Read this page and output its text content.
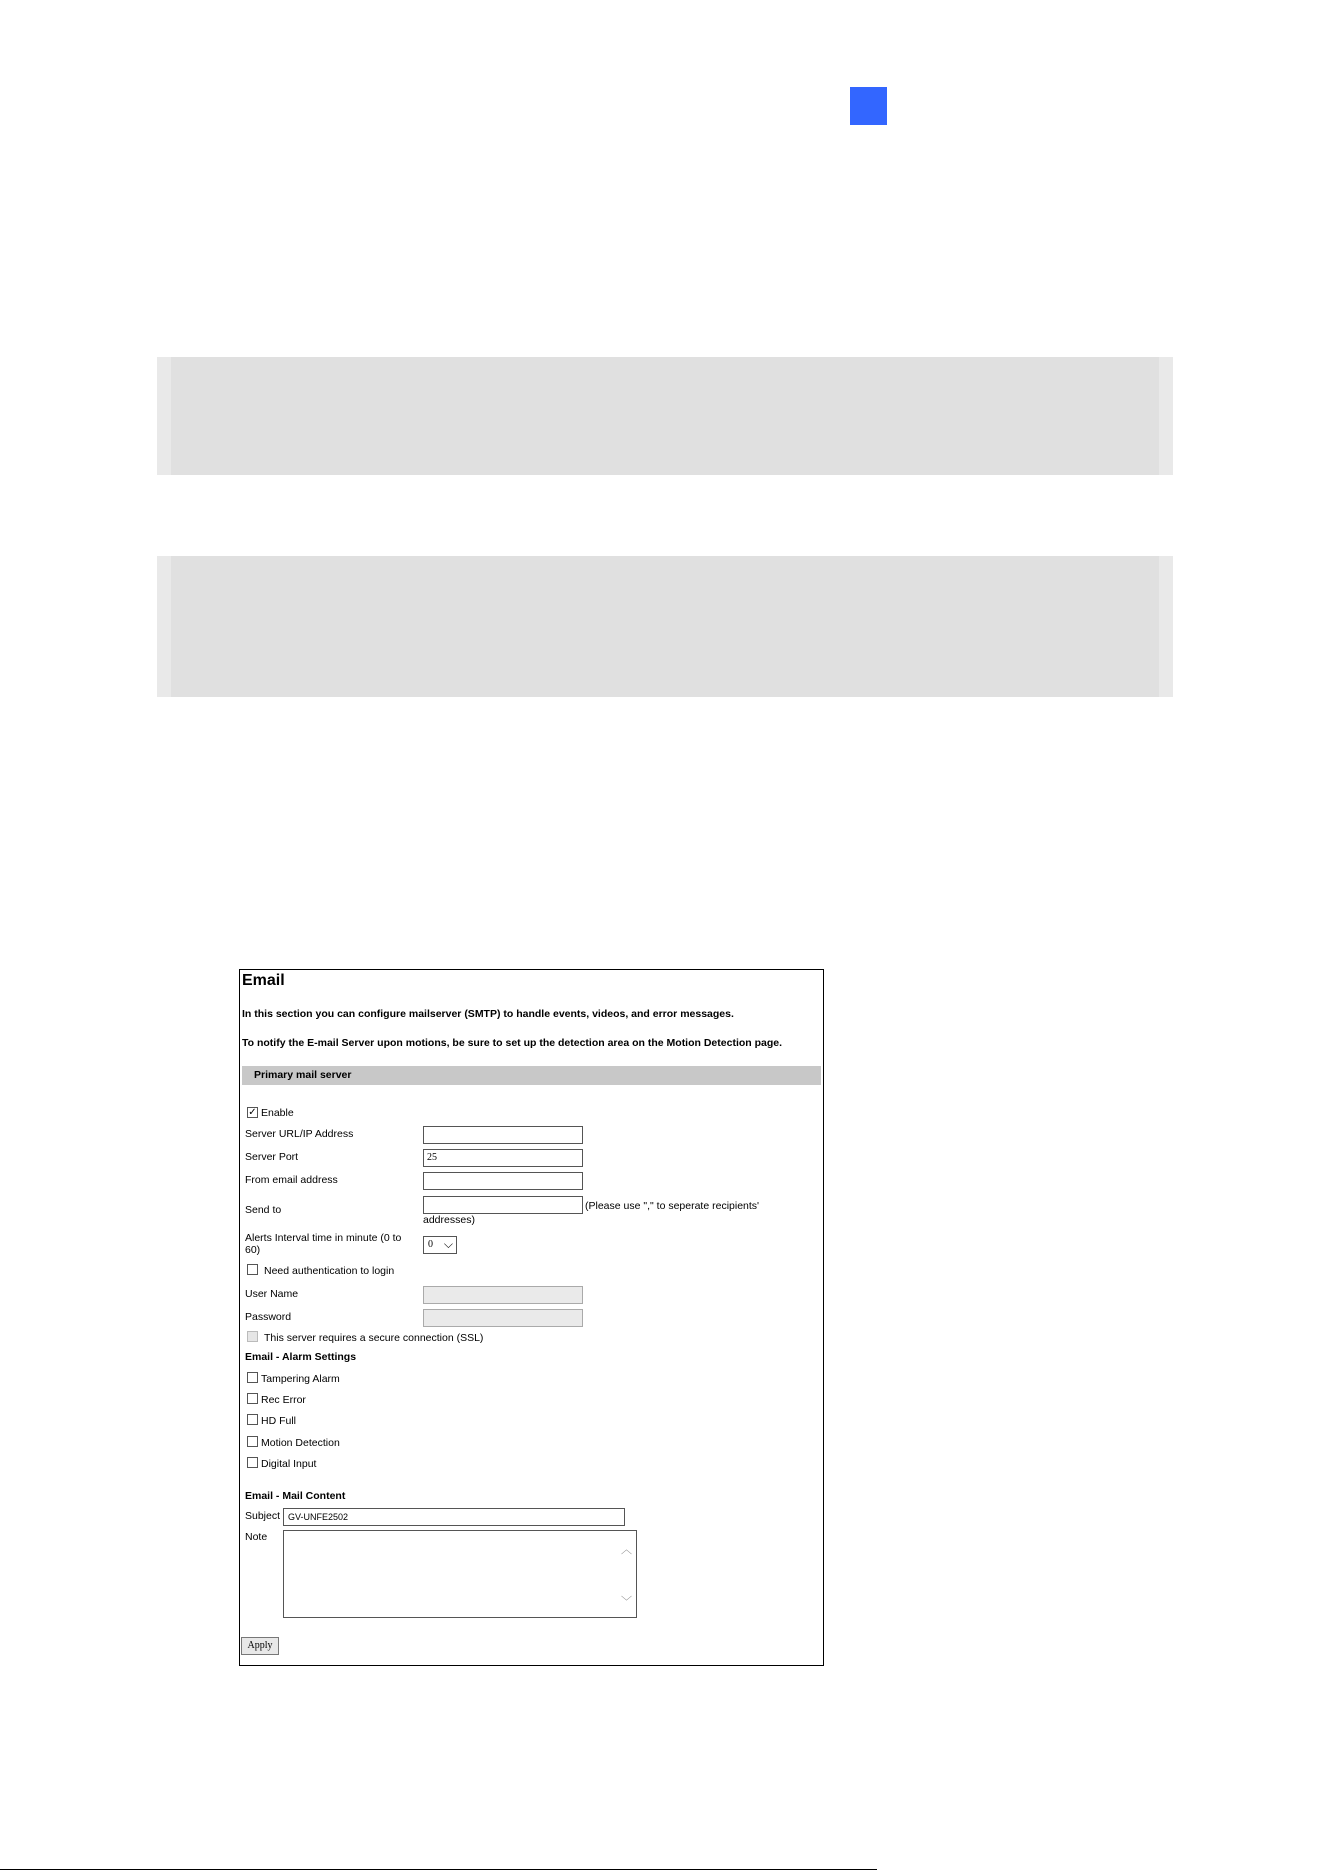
Email
In this section you can configure mailserver (SMTP) to handle events, videos, and error messages.
To notify the E-mail Server upon motions, be sure to set up the detection area on the Motion Detection page.
Primary mail server
✓ Enable
Server URL/IP Address
Server Port	25
From email address
Send to	(Please use "," to seperate recipients'
addresses)
Alerts Interval time in minute (0 to
60)	0 ⌵
Need authentication to login
User Name
Password
This server requires a secure connection (SSL)
Email - Alarm Settings
Tampering Alarm
Rec Error
HD Full
Motion Detection
Digital Input
Email - Mail Content
Subject GV-UNFE2502
Note
︿
﹀
Apply
